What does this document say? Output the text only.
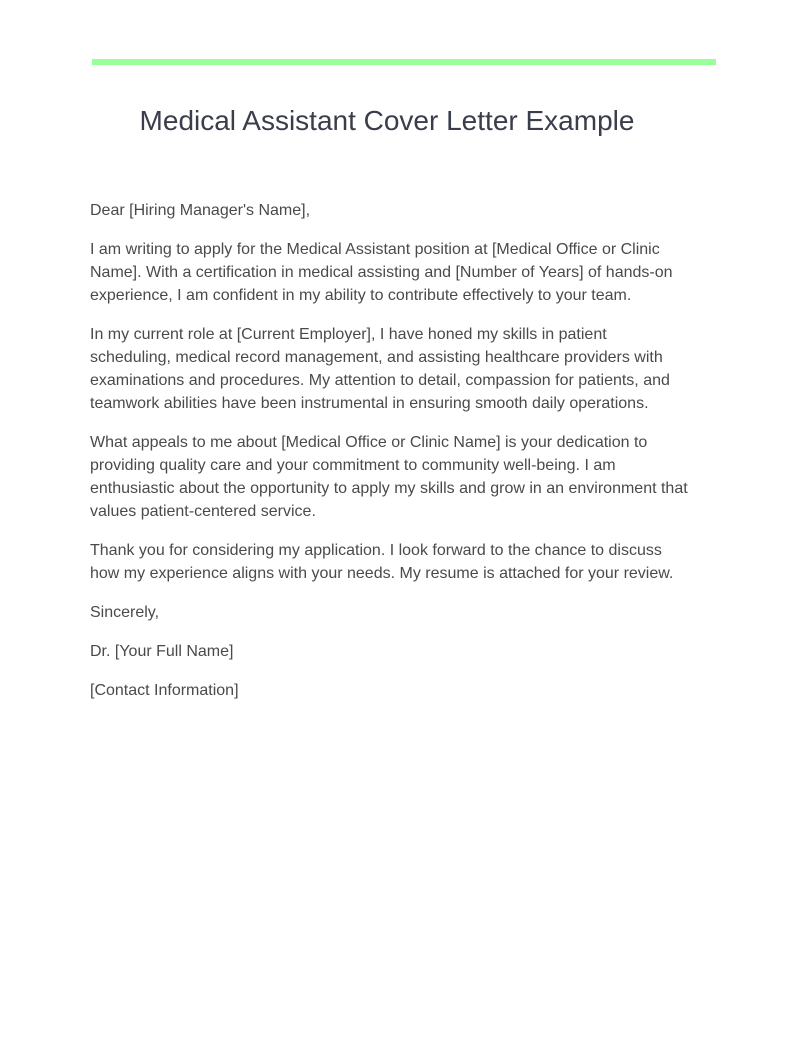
Medical Assistant Cover Letter Example

Dear [Hiring Manager's Name],

I am writing to apply for the Medical Assistant position at [Medical Office or Clinic Name]. With a certification in medical assisting and [Number of Years] of hands-on experience, I am confident in my ability to contribute effectively to your team.

In my current role at [Current Employer], I have honed my skills in patient scheduling, medical record management, and assisting healthcare providers with examinations and procedures. My attention to detail, compassion for patients, and teamwork abilities have been instrumental in ensuring smooth daily operations.

What appeals to me about [Medical Office or Clinic Name] is your dedication to providing quality care and your commitment to community well-being. I am enthusiastic about the opportunity to apply my skills and grow in an environment that values patient-centered service.

Thank you for considering my application. I look forward to the chance to discuss how my experience aligns with your needs. My resume is attached for your review.

Sincerely,

Dr. [Your Full Name]

[Contact Information]
